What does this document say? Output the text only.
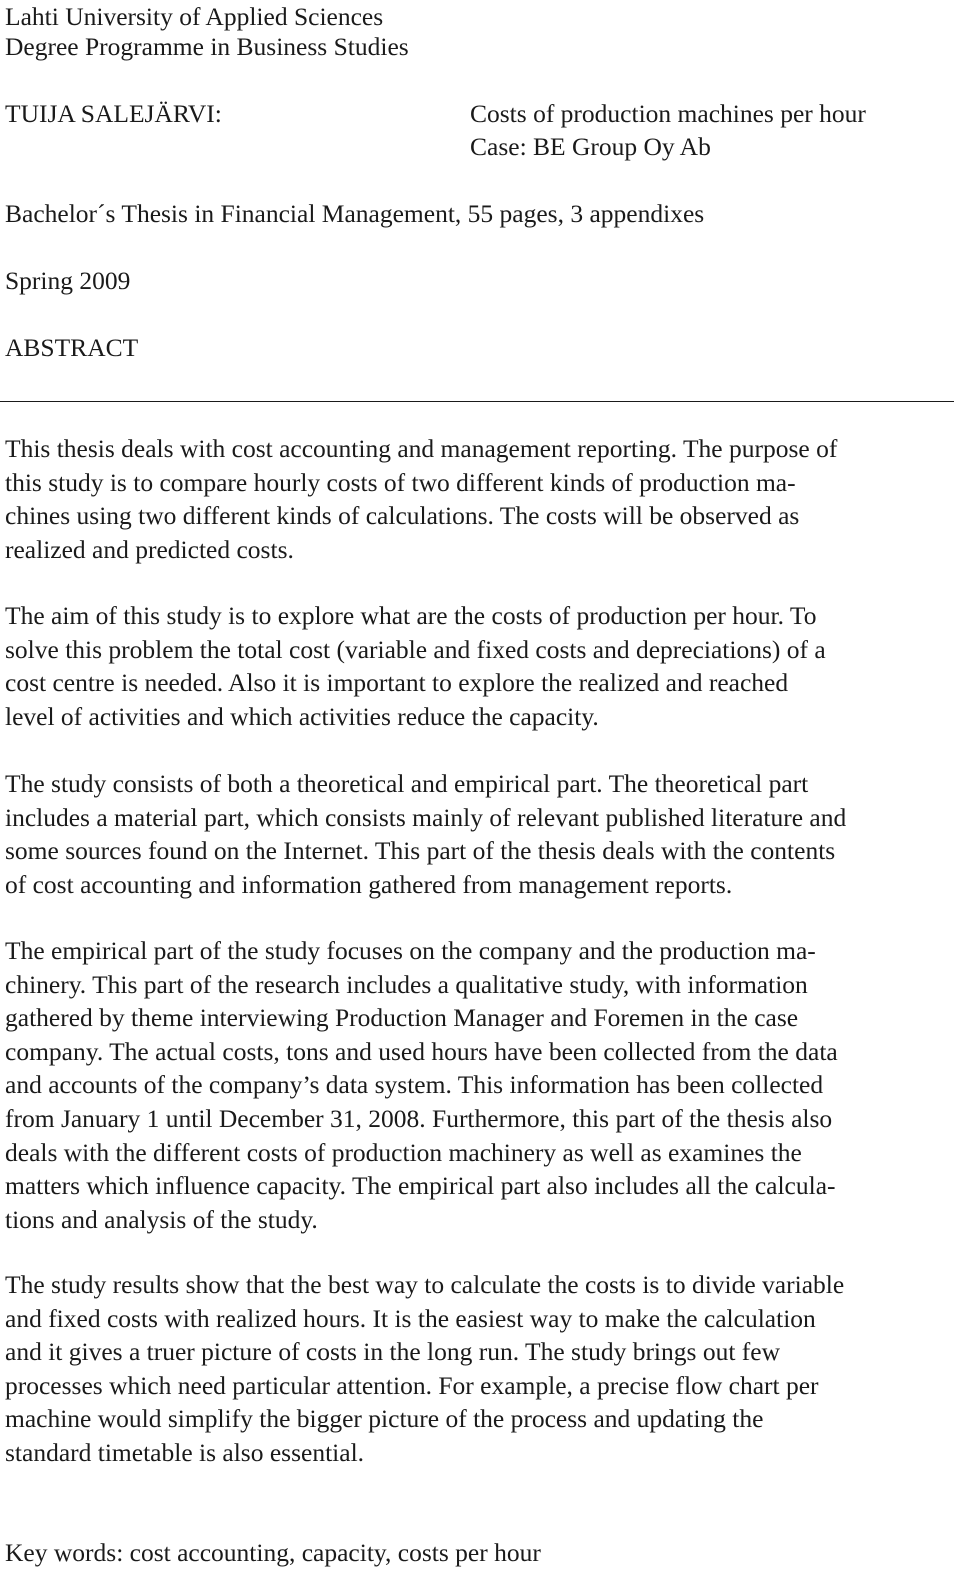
Lahti University of Applied Sciences
Degree Programme in Business Studies
TUIJA SALEJÄRVI:	Costs of production machines per hour
Case: BE Group Oy Ab
Bachelor´s Thesis in Financial Management, 55 pages, 3 appendixes
Spring 2009
ABSTRACT
This thesis deals with cost accounting and management reporting. The purpose of
this study is to compare hourly costs of two different kinds of production ma-
chines using two different kinds of calculations. The costs will be observed as
realized and predicted costs.
The aim of this study is to explore what are the costs of production per hour. To
solve this problem the total cost (variable and fixed costs and depreciations) of a
cost centre is needed. Also it is important to explore the realized and reached
level of activities and which activities reduce the capacity.
The study consists of both a theoretical and empirical part. The theoretical part
includes a material part, which consists mainly of relevant published literature and
some sources found on the Internet. This part of the thesis deals with the contents
of cost accounting and information gathered from management reports.
The empirical part of the study focuses on the company and the production ma-
chinery. This part of the research includes a qualitative study, with information
gathered by theme interviewing Production Manager and Foremen in the case
company. The actual costs, tons and used hours have been collected from the data
and accounts of the company’s data system. This information has been collected
from January 1 until December 31, 2008. Furthermore, this part of the thesis also
deals with the different costs of production machinery as well as examines the
matters which influence capacity. The empirical part also includes all the calcula-
tions and analysis of the study.
The study results show that the best way to calculate the costs is to divide variable
and fixed costs with realized hours. It is the easiest way to make the calculation
and it gives a truer picture of costs in the long run. The study brings out few
processes which need particular attention. For example, a precise flow chart per
machine would simplify the bigger picture of the process and updating the
standard timetable is also essential.
Key words: cost accounting, capacity, costs per hour
